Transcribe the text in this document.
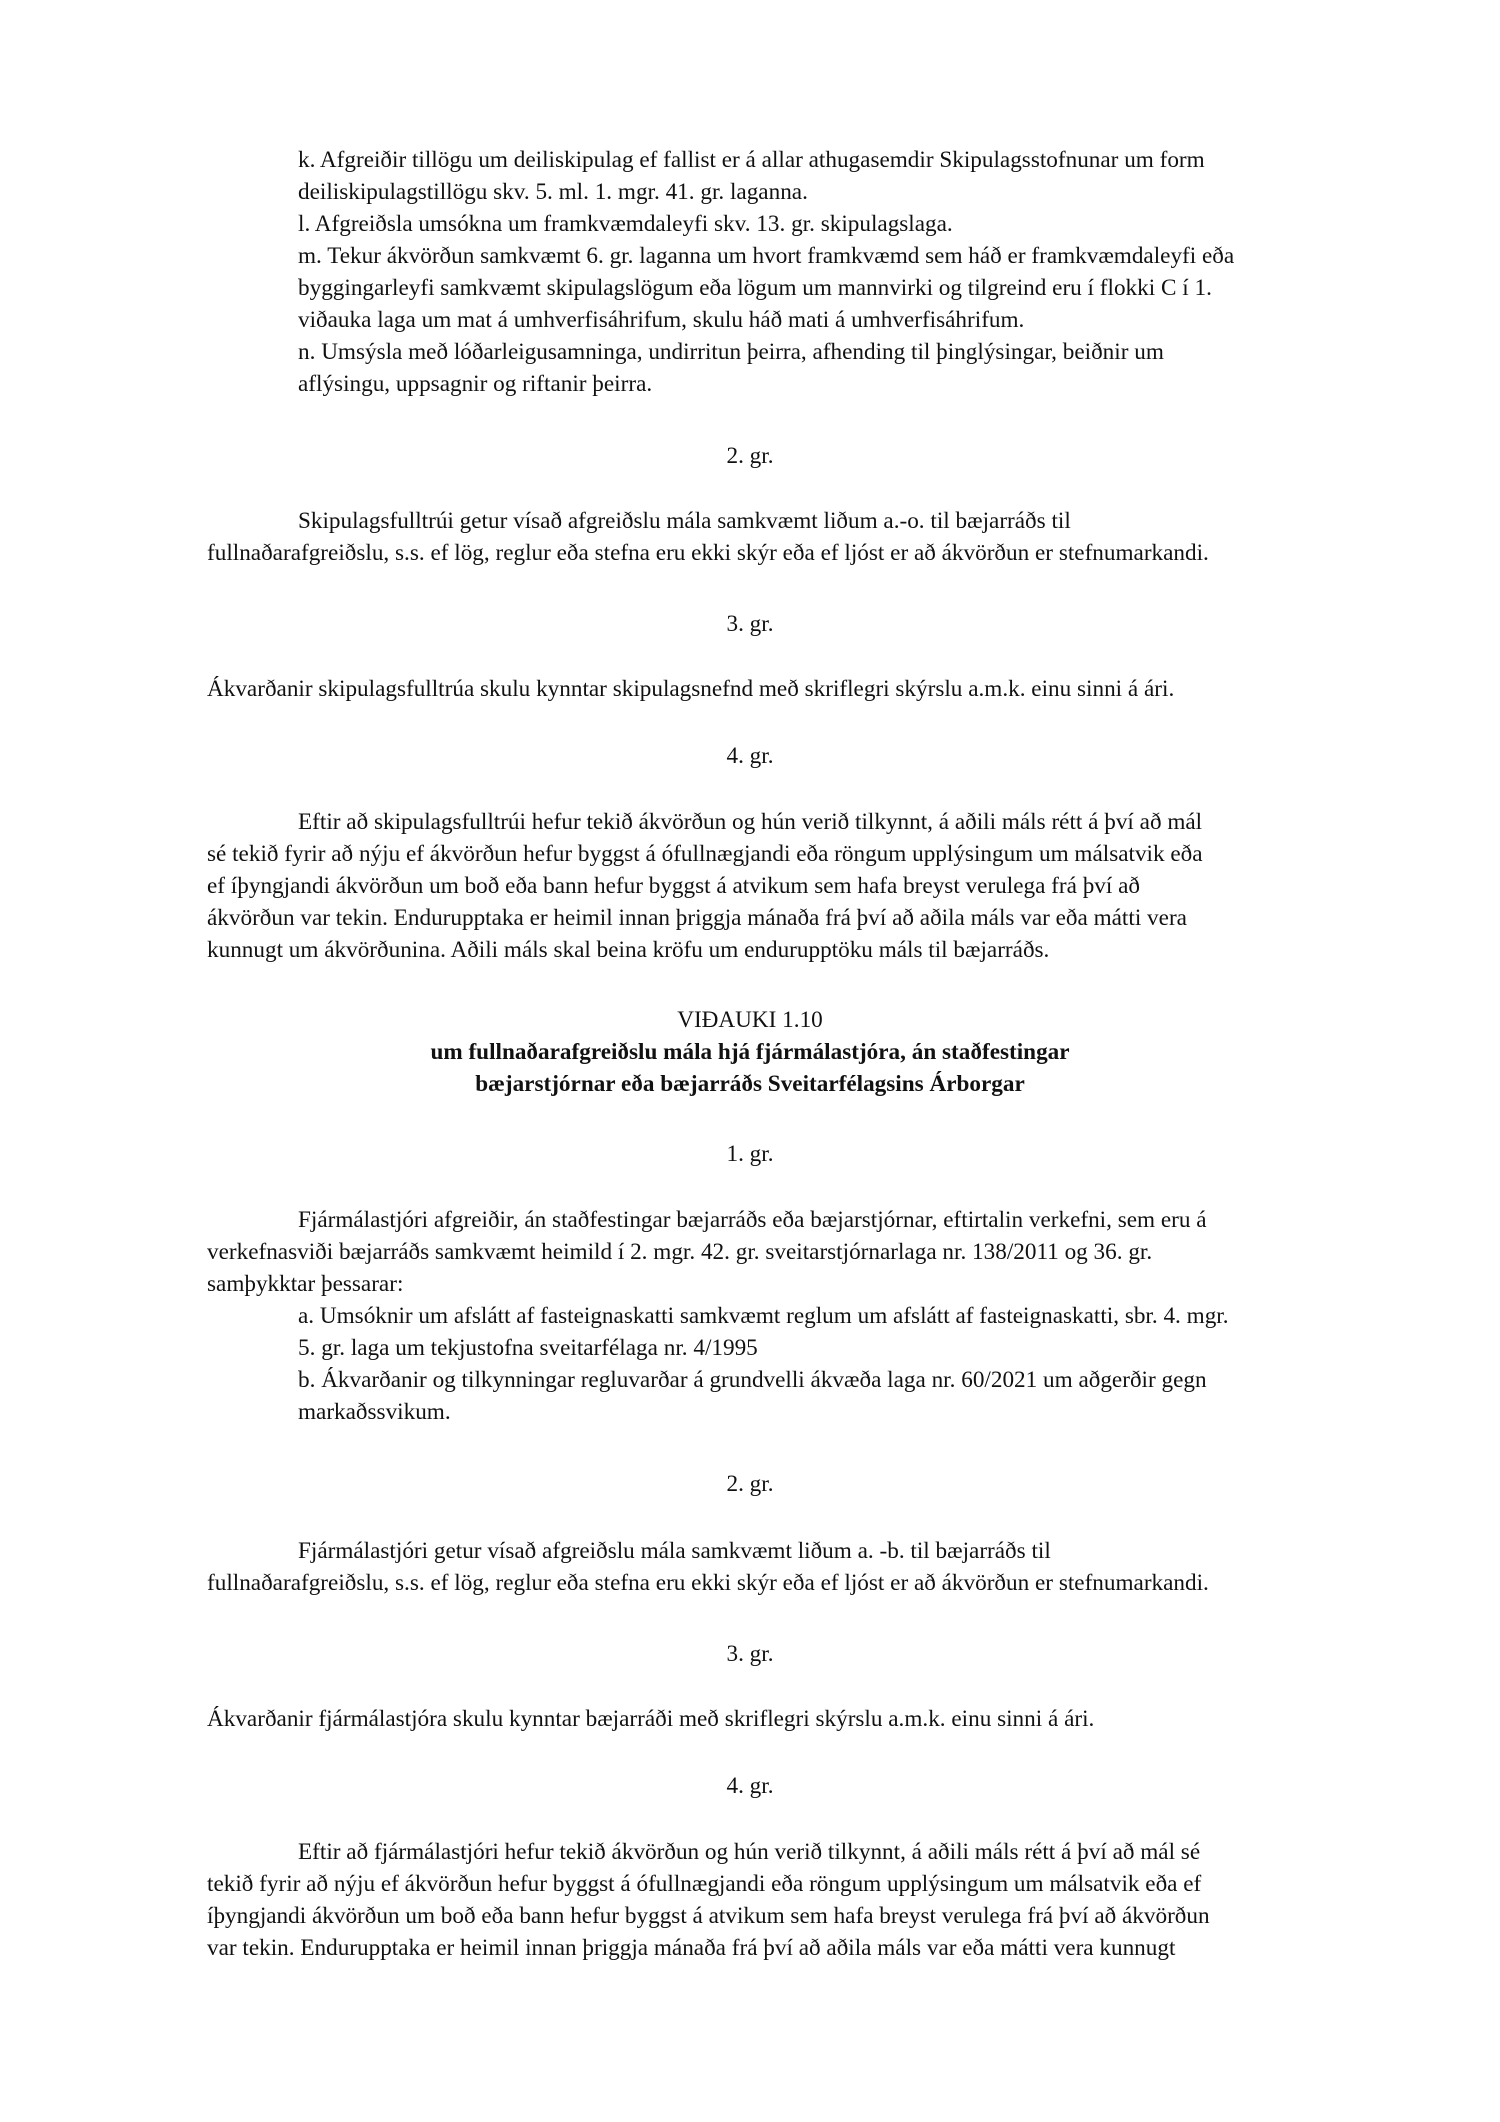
k. Afgreiðir tillögu um deiliskipulag ef fallist er á allar athugasemdir Skipulagsstofnunar um form
deiliskipulagstillögu skv. 5. ml. 1. mgr. 41. gr. laganna.
l. Afgreiðsla umsókna um framkvæmdaleyfi skv. 13. gr. skipulagslaga.
m. Tekur ákvörðun samkvæmt 6. gr. laganna um hvort framkvæmd sem háð er framkvæmdaleyfi eða
byggingarleyfi samkvæmt skipulagslögum eða lögum um mannvirki og tilgreind eru í flokki C í 1.
viðauka laga um mat á umhverfisáhrifum, skulu háð mati á umhverfisáhrifum.
n. Umsýsla með lóðarleigusamninga, undirritun þeirra, afhending til þinglýsingar, beiðnir um
aflýsingu, uppsagnir og riftanir þeirra.
2. gr.
Skipulagsfulltrúi getur vísað afgreiðslu mála samkvæmt liðum a.-o. til bæjarráðs til
fullnaðarafgreiðslu, s.s. ef lög, reglur eða stefna eru ekki skýr eða ef ljóst er að ákvörðun er stefnumarkandi.
3. gr.
Ákvarðanir skipulagsfulltrúa skulu kynntar skipulagsnefnd með skriflegri skýrslu a.m.k. einu sinni á ári.
4. gr.
Eftir að skipulagsfulltrúi hefur tekið ákvörðun og hún verið tilkynnt, á aðili máls rétt á því að mál
sé tekið fyrir að nýju ef ákvörðun hefur byggst á ófullnægjandi eða röngum upplýsingum um málsatvik eða
ef íþyngjandi ákvörðun um boð eða bann hefur byggst á atvikum sem hafa breyst verulega frá því að
ákvörðun var tekin. Endurupptaka er heimil innan þriggja mánaða frá því að aðila máls var eða mátti vera
kunnugt um ákvörðunina. Aðili máls skal beina kröfu um endurupptöku máls til bæjarráðs.
VIÐAUKI 1.10
um fullnaðarafgreiðslu mála hjá fjármálastjóra, án staðfestingar
bæjarstjórnar eða bæjarráðs Sveitarfélagsins Árborgar
1. gr.
Fjármálastjóri afgreiðir, án staðfestingar bæjarráðs eða bæjarstjórnar, eftirtalin verkefni, sem eru á
verkefnasviði bæjarráðs samkvæmt heimild í 2. mgr. 42. gr. sveitarstjórnarlaga nr. 138/2011 og 36. gr.
samþykktar þessarar:
a. Umsóknir um afslátt af fasteignaskatti samkvæmt reglum um afslátt af fasteignaskatti, sbr. 4. mgr.
5. gr. laga um tekjustofna sveitarfélaga nr. 4/1995
b. Ákvarðanir og tilkynningar regluvarðar á grundvelli ákvæða laga nr. 60/2021 um aðgerðir gegn
markaðssvikum.
2. gr.
Fjármálastjóri getur vísað afgreiðslu mála samkvæmt liðum a. -b. til bæjarráðs til
fullnaðarafgreiðslu, s.s. ef lög, reglur eða stefna eru ekki skýr eða ef ljóst er að ákvörðun er stefnumarkandi.
3. gr.
Ákvarðanir fjármálastjóra skulu kynntar bæjarráði með skriflegri skýrslu a.m.k. einu sinni á ári.
4. gr.
Eftir að fjármálastjóri hefur tekið ákvörðun og hún verið tilkynnt, á aðili máls rétt á því að mál sé
tekið fyrir að nýju ef ákvörðun hefur byggst á ófullnægjandi eða röngum upplýsingum um málsatvik eða ef
íþyngjandi ákvörðun um boð eða bann hefur byggst á atvikum sem hafa breyst verulega frá því að ákvörðun
var tekin. Endurupptaka er heimil innan þriggja mánaða frá því að aðila máls var eða mátti vera kunnugt
